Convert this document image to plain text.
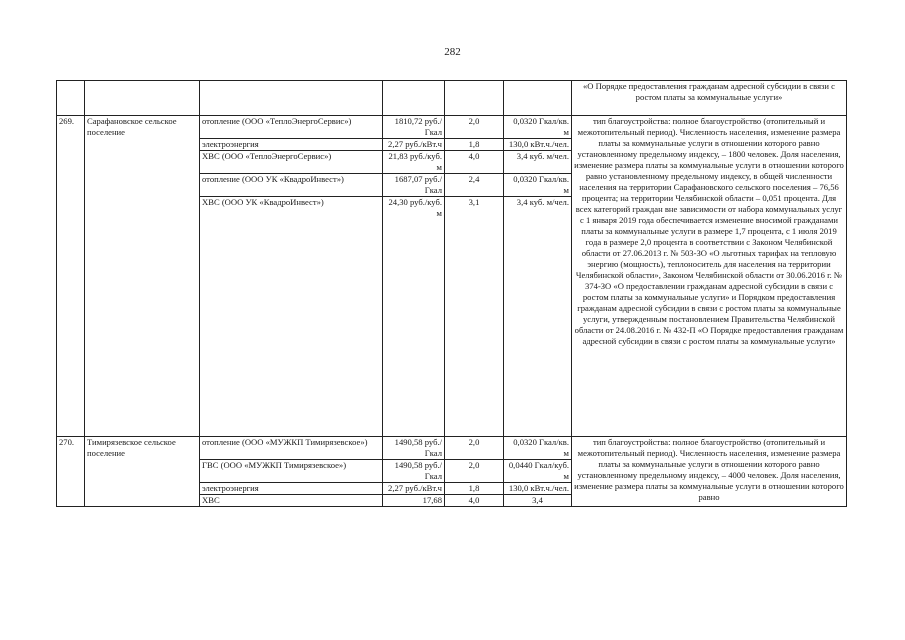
282
						«О Порядке предоставления гражданам адресной субсидии в связи с ростом платы за коммунальные услуги»
269.	Сарафановское сельское поселение	отопление (ООО «ТеплоЭнергоСервис»)	1810,72 руб./Гкал	2,0	0,0320 Гкал/кв. м	тип благоустройства: полное благоустройство (отопительный и межотопительный период). Численность населения, изменение размера платы за коммунальные услуги в отношении которого равно установленному предельному индексу, – 1800 человек. Доля населения, изменение размера платы за коммунальные услуги в отношении которого равно установленному предельному индексу, в общей численности населения на территории Сарафановского сельского поселения – 76,56 процента; на территории Челябинской области – 0,051 процента. Для всех категорий граждан вне зависимости от набора коммунальных услуг с 1 января 2019 года обеспечивается изменение вносимой гражданами платы за коммунальные услуги в размере 1,7 процента, с 1 июля 2019 года в размере 2,0 процента в соответствии с Законом Челябинской области от 27.06.2013 г. № 503-ЗО «О льготных тарифах на тепловую энергию (мощность), теплоноситель для населения на территории Челябинской области», Законом Челябинской области от 30.06.2016 г. № 374-ЗО «О предоставлении гражданам адресной субсидии в связи с ростом платы за коммунальные услуги» и Порядком предоставления гражданам адресной субсидии в связи с ростом платы за коммунальные услуги, утвержденным постановлением Правительства Челябинской области от 24.08.2016 г. № 432-П «О Порядке предоставления гражданам адресной субсидии в связи с ростом платы за коммунальные услуги»
		электроэнергия	2,27 руб./кВт.ч	1,8	130,0 кВт.ч./чел.	
		ХВС (ООО «ТеплоЭнергоСервис»)	21,83 руб./куб. м	4,0	3,4 куб. м/чел.	
		отопление (ООО УК «КвадроИнвест»)	1687,07 руб./Гкал	2,4	0,0320 Гкал/кв. м	
		ХВС (ООО УК «КвадроИнвест»)	24,30 руб./куб. м	3,1	3,4 куб. м/чел.	
270.	Тимирязевское сельское поселение	отопление (ООО «МУЖКП Тимирязевское»)	1490,58 руб./Гкал	2,0	0,0320 Гкал/кв. м	тип благоустройства: полное благоустройство (отопительный и межотопительный период). Численность населения, изменение размера платы за коммунальные услуги в отношении которого равно установленному предельному индексу, – 4000 человек. Доля населения, изменение размера платы за коммунальные услуги в отношении которого равно
		ГВС (ООО «МУЖКП Тимирязевское»)	1490,58 руб./Гкал	2,0	0,0440 Гкал/куб. м	
		электроэнергия	2,27 руб./кВт.ч	1,8	130,0 кВт.ч./чел.	
		ХВС	17,68	4,0	3,4	
